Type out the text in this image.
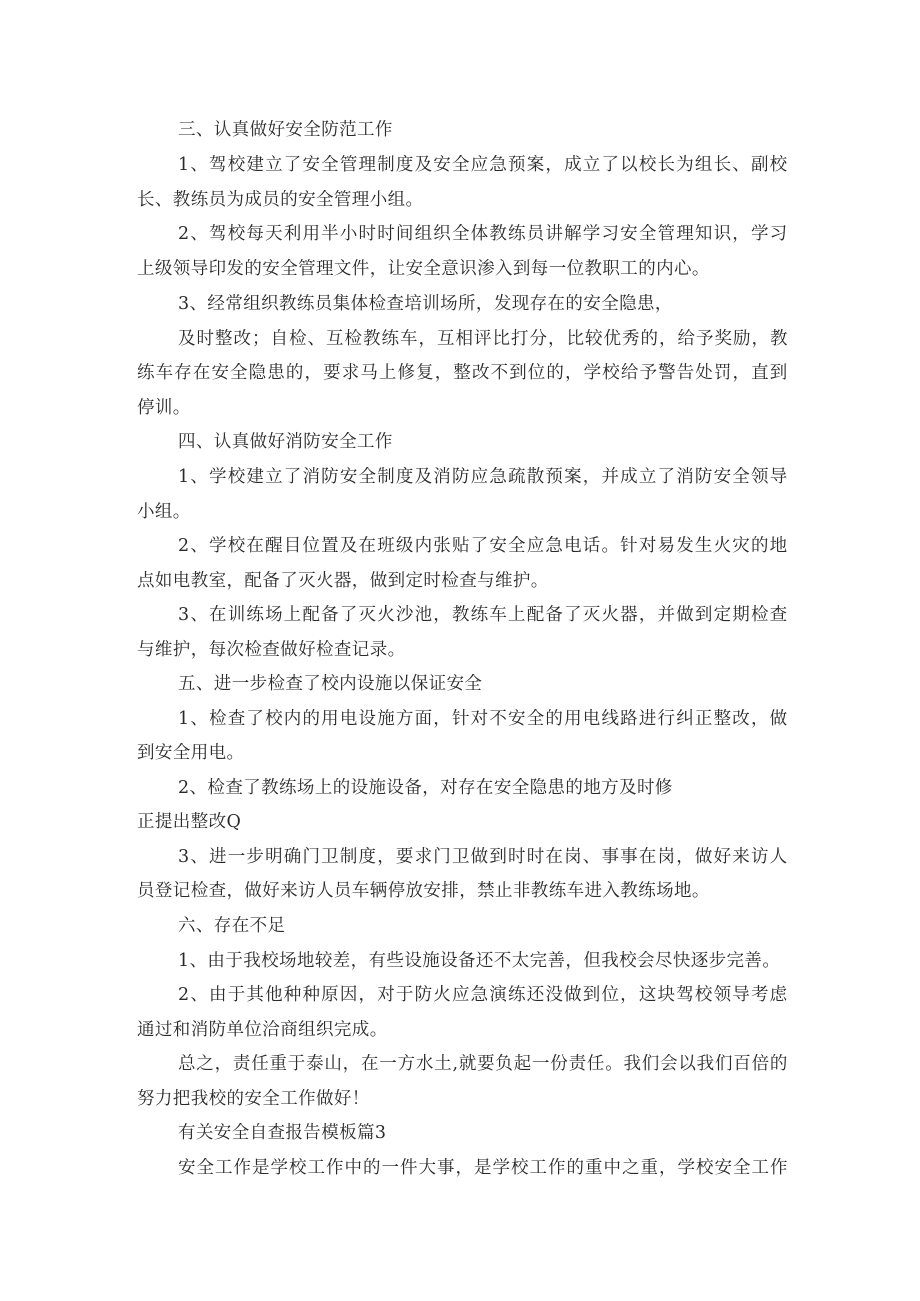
三、认真做好安全防范工作
1 、 驾 校 建 立 了 安 全 管 理 制 度 及 安 全 应 急 预 案 ， 成 立 了 以 校 长 为 组 长 、 副 校
长、教练员为成员的安全管理小组。
2 、 驾 校 每 天 利 用 半 小 时 时 间 组 织 全 体 教 练 员 讲 解 学 习 安 全 管 理 知 识 ， 学 习
上级领导印发的安全管理文件，让安全意识渗入到每一位教职工的内心。
3、经常组织教练员集体检查培训场所，发现存在的安全隐患，
及 时 整 改 ； 自 检 、 互 检 教 练 车 ， 互 相 评 比 打 分 ， 比 较 优 秀 的 ， 给 予 奖 励 ， 教
练 车 存 在 安 全 隐 患 的 ， 要 求 马 上 修 复 ， 整 改 不 到 位 的 ， 学 校 给 予 警 告 处 罚 ， 直 到
停训。
四、认真做好消防安全工作
1 、 学 校 建 立 了 消 防 安 全 制 度 及 消 防 应 急 疏 散 预 案 ， 并 成 立 了 消 防 安 全 领 导
小组。
2 、 学 校 在 醒 目 位 置 及 在 班 级 内 张 贴 了 安 全 应 急 电 话 。 针 对 易 发 生 火 灾 的 地
点如电教室，配备了灭火器，做到定时检查与维护。
3 、 在 训 练 场 上 配 备 了 灭 火 沙 池 ， 教 练 车 上 配 备 了 灭 火 器 ， 并 做 到 定 期 检 查
与维护，每次检查做好检查记录。
五、进一步检查了校内设施以保证安全
1 、 检 查 了 校 内 的 用 电 设 施 方 面 ， 针 对 不 安 全 的 用 电 线 路 进 行 纠 正 整 改 ， 做
到安全用电。
2、检查了教练场上的设施设备，对存在安全隐患的地方及时修
正提出整改Q
3 、 进 一 步 明 确 门 卫 制 度 ， 要 求 门 卫 做 到 时 时 在 岗 、 事 事 在 岗 ， 做 好 来 访 人
员登记检查，做好来访人员车辆停放安排，禁止非教练车进入教练场地。
六、存在不足
1、由于我校场地较差，有些设施设备还不太完善，但我校会尽快逐步完善。
2 、 由 于 其 他 种 种 原 因 ， 对 于 防 火 应 急 演 练 还 没 做 到 位 ， 这 块 驾 校 领 导 考 虑
通过和消防单位洽商组织完成。
总 之 ， 责 任 重 于 泰 山 ， 在 一 方 水 土 , 就 要 负 起 一 份 责 任 。 我 们 会 以 我 们 百 倍 的
努力把我校的安全工作做好！
有关安全自查报告模板篇3
安 全 工 作 是 学 校 工 作 中 的 一 件 大 事 ， 是 学 校 工 作 的 重 中 之 重 ， 学 校 安 全 工 作
